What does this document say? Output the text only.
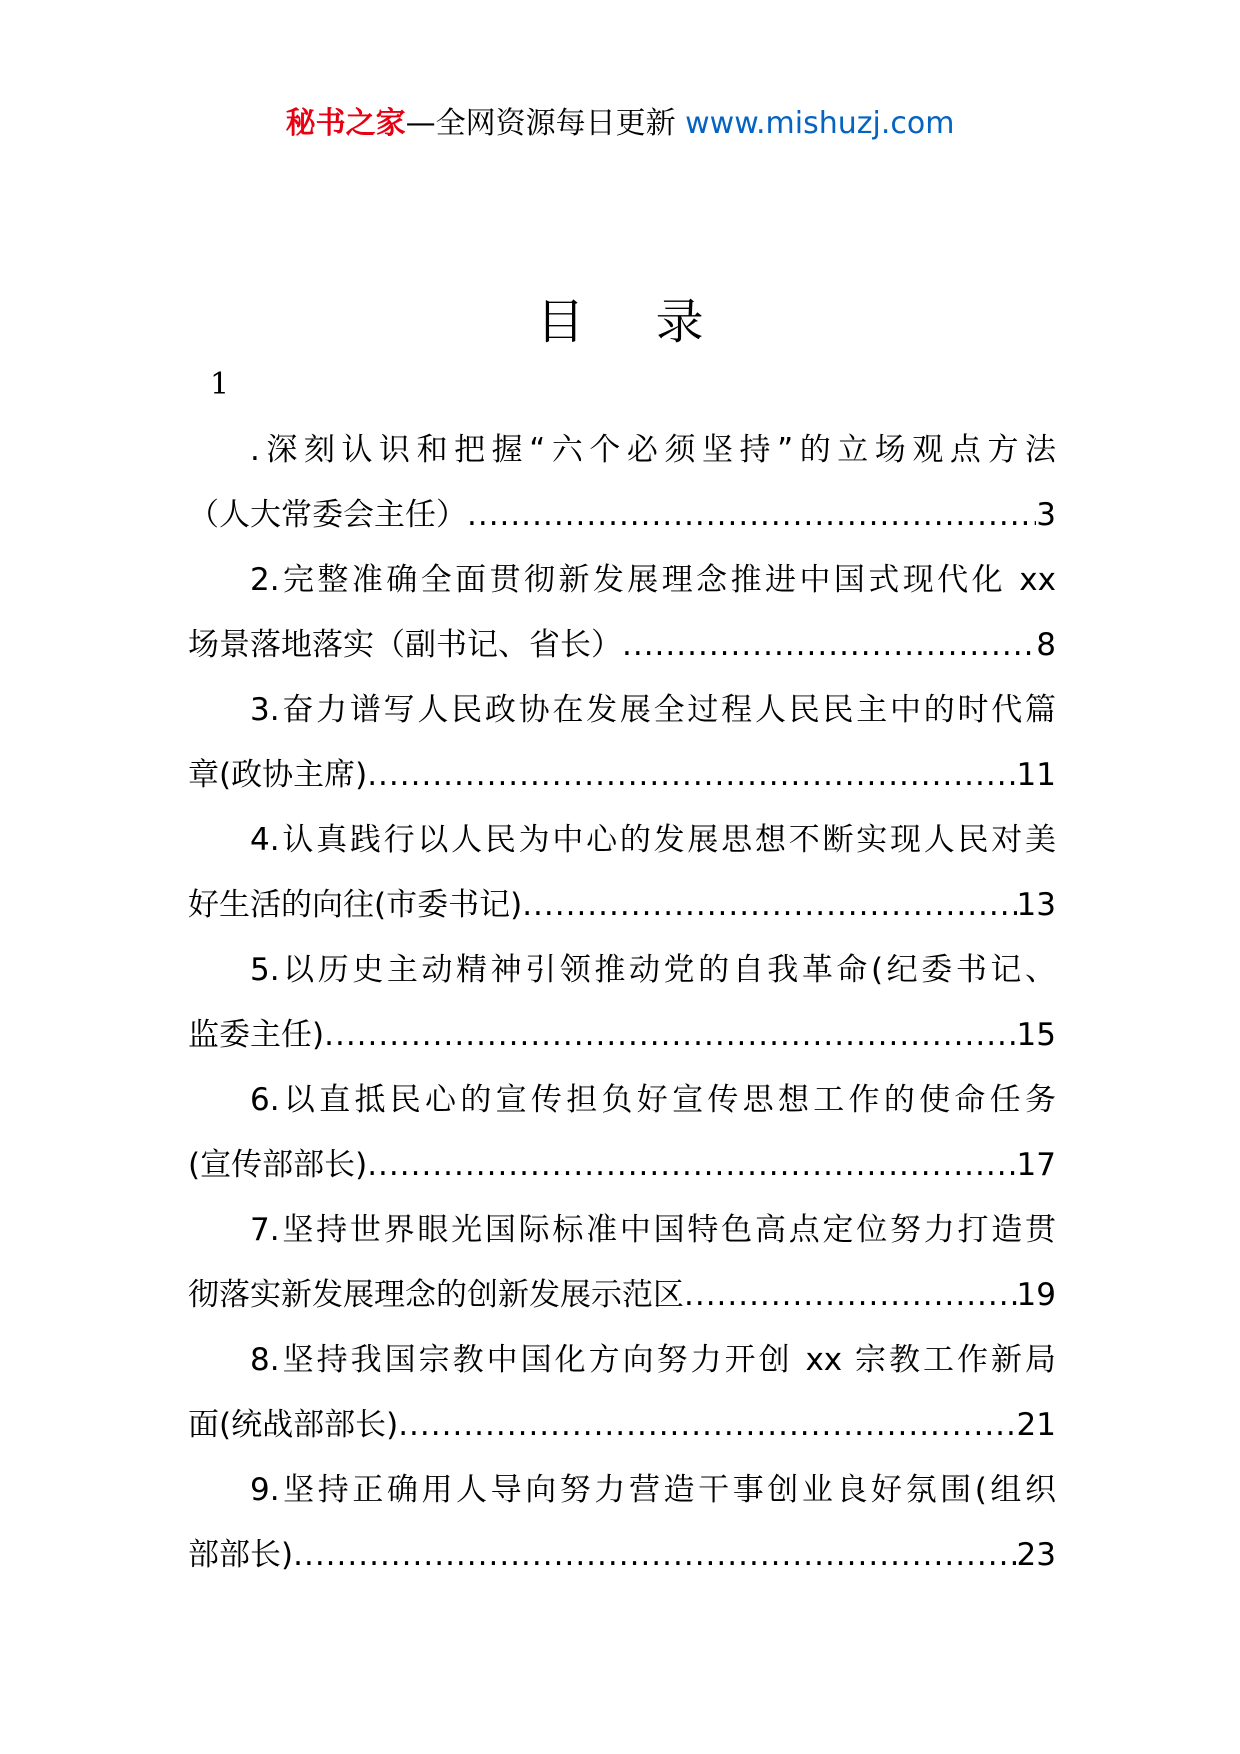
秘书之家—全网资源每日更新 www.mishuzj.com
目 录
1
.深刻认识和把握“六个必须坚持”的立场观点方法
（人大常委会主任） .....	3
2.完整准确全面贯彻新发展理念推进中国式现代化 xx
场景落地落实（副书记、省长） .....	8
3.奋力谱写人民政协在发展全过程人民民主中的时代篇
章(政协主席) .....	11
4.认真践行以人民为中心的发展思想不断实现人民对美
好生活的向往(市委书记) .....	13
5.以历史主动精神引领推动党的自我革命(纪委书记、
监委主任) .....	15
6.以直抵民心的宣传担负好宣传思想工作的使命任务
(宣传部部长) .....	17
7.坚持世界眼光国际标准中国特色高点定位努力打造贯
彻落实新发展理念的创新发展示范区 .....	19
8.坚持我国宗教中国化方向努力开创 xx 宗教工作新局
面(统战部部长) .....	21
9.坚持正确用人导向努力营造干事创业良好氛围(组织
部部长) .....	23
